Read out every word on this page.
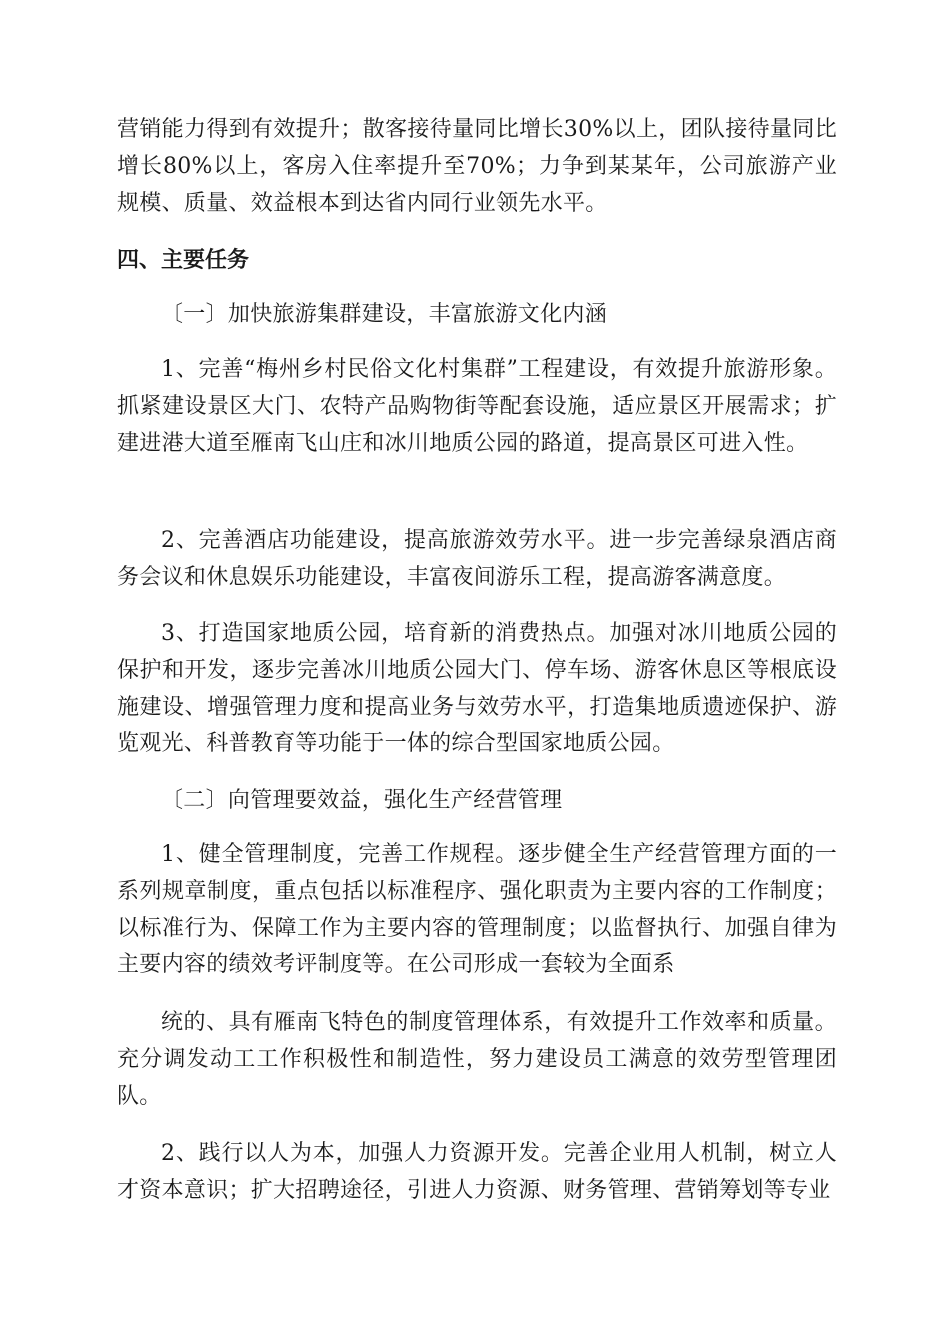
营销能力得到有效提升；散客接待量同比增长30%以上，团队接待量同比增长80%以上，客房入住率提升至70%；力争到某某年，公司旅游产业规模、质量、效益根本到达省内同行业领先水平。

四、主要任务

〔一〕加快旅游集群建设，丰富旅游文化内涵

1、完善“梅州乡村民俗文化村集群”工程建设，有效提升旅游形象。抓紧建设景区大门、农特产品购物街等配套设施，适应景区开展需求；扩建进港大道至雁南飞山庄和冰川地质公园的路道，提高景区可进入性。

2、完善酒店功能建设，提高旅游效劳水平。进一步完善绿泉酒店商务会议和休息娱乐功能建设，丰富夜间游乐工程，提高游客满意度。

3、打造国家地质公园，培育新的消费热点。加强对冰川地质公园的保护和开发，逐步完善冰川地质公园大门、停车场、游客休息区等根底设施建设、增强管理力度和提高业务与效劳水平，打造集地质遗迹保护、游览观光、科普教育等功能于一体的综合型国家地质公园。

〔二〕向管理要效益，强化生产经营管理

1、健全管理制度，完善工作规程。逐步健全生产经营管理方面的一系列规章制度，重点包括以标准程序、强化职责为主要内容的工作制度；以标准行为、保障工作为主要内容的管理制度；以监督执行、加强自律为主要内容的绩效考评制度等。在公司形成一套较为全面系

统的、具有雁南飞特色的制度管理体系，有效提升工作效率和质量。充分调发动工工作积极性和制造性，努力建设员工满意的效劳型管理团队。

2、践行以人为本，加强人力资源开发。完善企业用人机制，树立人才资本意识；扩大招聘途径，引进人力资源、财务管理、营销筹划等专业
